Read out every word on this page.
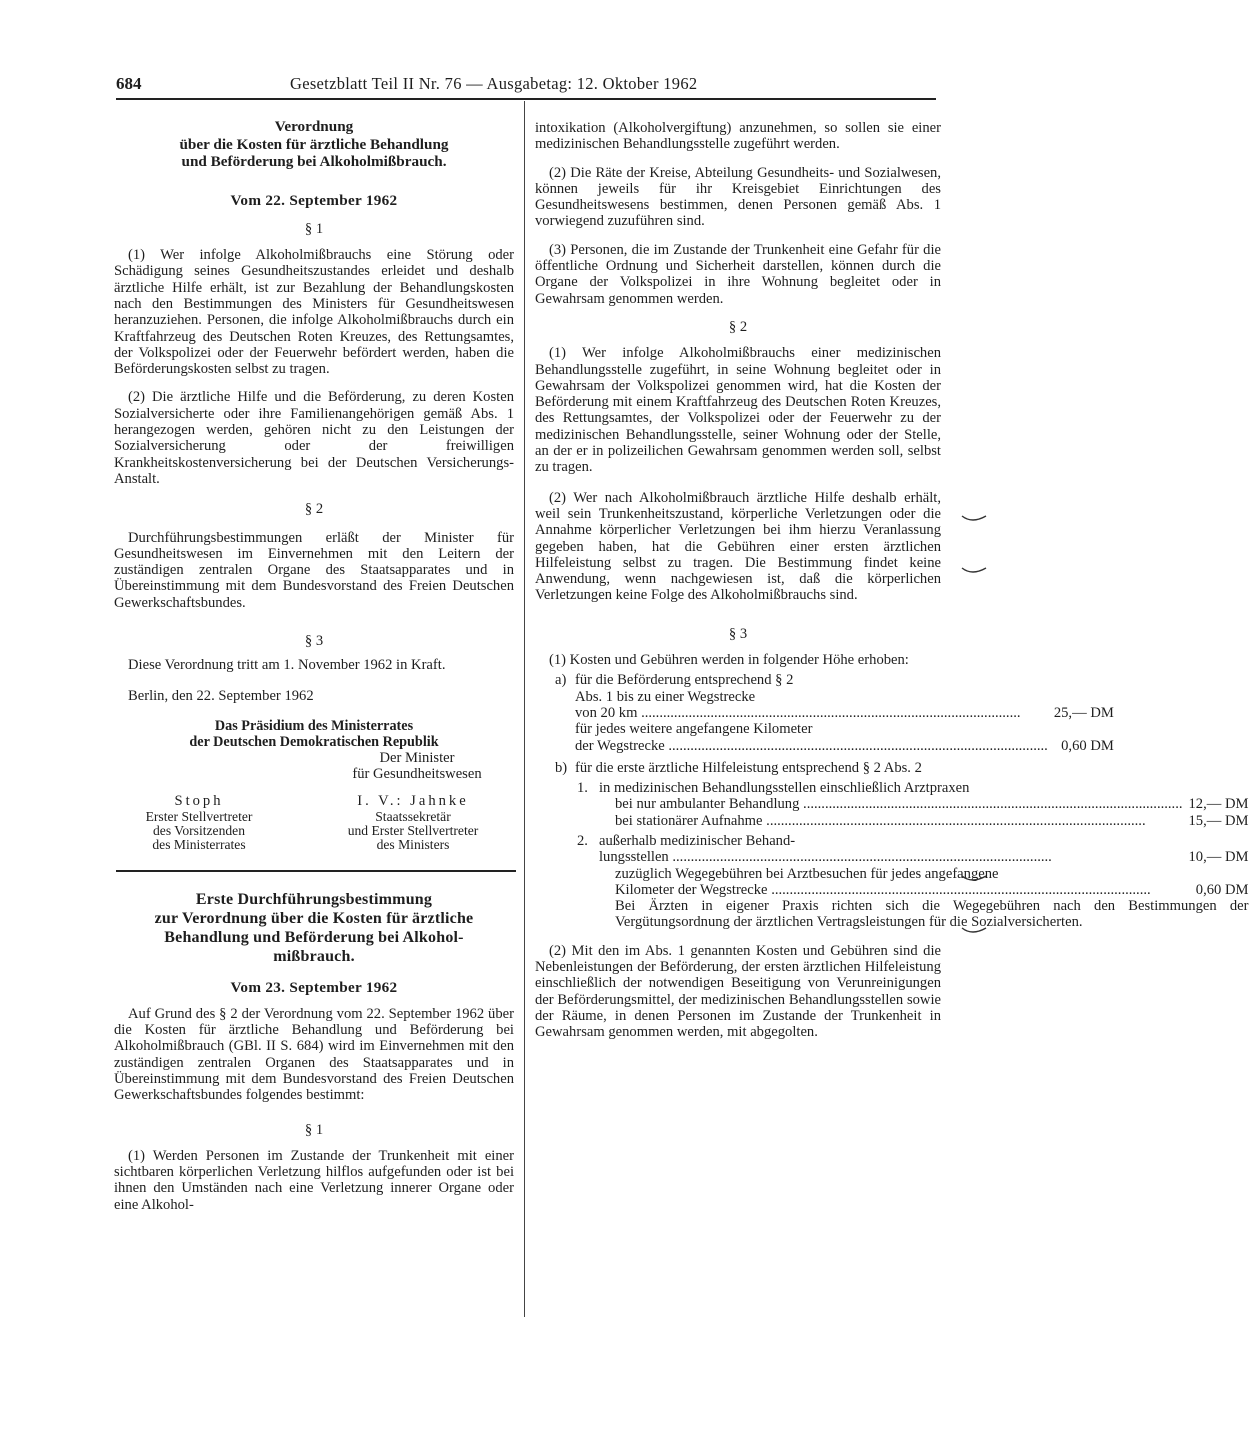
684	Gesetzblatt Teil II Nr. 76 — Ausgabetag: 12. Oktober 1962
Verordnung
über die Kosten für ärztliche Behandlung
und Beförderung bei Alkoholmißbrauch.
Vom 22. September 1962
§ 1

(1) Wer infolge Alkoholmißbrauchs eine Störung oder Schädigung seines Gesundheitszustandes erleidet und deshalb ärztliche Hilfe erhält, ist zur Bezahlung der Behandlungskosten nach den Bestimmungen des Ministers für Gesundheitswesen heranzuziehen. Personen, die infolge Alkoholmißbrauchs durch ein Kraftfahrzeug des Deutschen Roten Kreuzes, des Rettungsamtes, der Volkspolizei oder der Feuerwehr befördert werden, haben die Beförderungskosten selbst zu tragen.

(2) Die ärztliche Hilfe und die Beförderung, zu deren Kosten Sozialversicherte oder ihre Familienangehörigen gemäß Abs. 1 herangezogen werden, gehören nicht zu den Leistungen der Sozialversicherung oder der freiwilligen Krankheitskostenversicherung bei der Deutschen Versicherungs-Anstalt.

§ 2

Durchführungsbestimmungen erläßt der Minister für Gesundheitswesen im Einvernehmen mit den Leitern der zuständigen zentralen Organe des Staatsapparates und in Übereinstimmung mit dem Bundesvorstand des Freien Deutschen Gewerkschaftsbundes.

§ 3

Diese Verordnung tritt am 1. November 1962 in Kraft.

Berlin, den 22. September 1962

Das Präsidium des Ministerrates
der Deutschen Demokratischen Republik
Der Minister
für Gesundheitswesen
Stoph
Erster Stellvertreter
des Vorsitzenden
des Ministerrates
I. V.: Jahnke
Staatssekretär
und Erster Stellvertreter
des Ministers
Erste Durchführungsbestimmung
zur Verordnung über die Kosten für ärztliche
Behandlung und Beförderung bei Alkohol-
mißbrauch.
Vom 23. September 1962

Auf Grund des § 2 der Verordnung vom 22. September 1962 über die Kosten für ärztliche Behandlung und Beförderung bei Alkoholmißbrauch (GBl. II S. 684) wird im Einvernehmen mit den zuständigen zentralen Organen des Staatsapparates und in Übereinstimmung mit dem Bundesvorstand des Freien Deutschen Gewerkschaftsbundes folgendes bestimmt:

§ 1

(1) Werden Personen im Zustande der Trunkenheit mit einer sichtbaren körperlichen Verletzung hilflos aufgefunden oder ist bei ihnen den Umständen nach eine Verletzung innerer Organe oder eine Alkohol-

intoxikation (Alkoholvergiftung) anzunehmen, so sollen sie einer medizinischen Behandlungsstelle zugeführt werden.

(2) Die Räte der Kreise, Abteilung Gesundheits- und Sozialwesen, können jeweils für ihr Kreisgebiet Einrichtungen des Gesundheitswesens bestimmen, denen Personen gemäß Abs. 1 vorwiegend zuzuführen sind.

(3) Personen, die im Zustande der Trunkenheit eine Gefahr für die öffentliche Ordnung und Sicherheit darstellen, können durch die Organe der Volkspolizei in ihre Wohnung begleitet oder in Gewahrsam genommen werden.

§ 2

(1) Wer infolge Alkoholmißbrauchs einer medizinischen Behandlungsstelle zugeführt, in seine Wohnung begleitet oder in Gewahrsam der Volkspolizei genommen wird, hat die Kosten der Beförderung mit einem Kraftfahrzeug des Deutschen Roten Kreuzes, des Rettungsamtes, der Volkspolizei oder der Feuerwehr zu der medizinischen Behandlungsstelle, seiner Wohnung oder der Stelle, an der er in polizeilichen Gewahrsam genommen werden soll, selbst zu tragen.

(2) Wer nach Alkoholmißbrauch ärztliche Hilfe deshalb erhält, weil sein Trunkenheitszustand, körperliche Verletzungen oder die Annahme körperlicher Verletzungen bei ihm hierzu Veranlassung gegeben haben, hat die Gebühren einer ersten ärztlichen Hilfeleistung selbst zu tragen. Die Bestimmung findet keine Anwendung, wenn nachgewiesen ist, daß die körperlichen Verletzungen keine Folge des Alkoholmißbrauchs sind.

§ 3

(1) Kosten und Gebühren werden in folgender Höhe erhoben:

a) für die Beförderung entsprechend § 2
Abs. 1 bis zu einer Wegstrecke
von 20 km .....	25,— DM
für jedes weitere angefangene Kilometer
der Wegstrecke .....	0,60 DM
b) für die erste ärztliche Hilfeleistung entsprechend § 2 Abs. 2
1. in medizinischen Behandlungsstellen einschließlich Arztpraxen
bei nur ambulanter Behandlung .....	12,— DM
bei stationärer Aufnahme .....	15,— DM
2. außerhalb medizinischer Behand-
lungsstellen .....	10,— DM
zuzüglich Wegegebühren bei Arztbesuchen für jedes angefangene
Kilometer der Wegstrecke .....	0,60 DM
Bei Ärzten in eigener Praxis richten sich die Wegegebühren nach den Bestimmungen der Vergütungsordnung der ärztlichen Vertragsleistungen für die Sozialversicherten.

(2) Mit den im Abs. 1 genannten Kosten und Gebühren sind die Nebenleistungen der Beförderung, der ersten ärztlichen Hilfeleistung einschließlich der notwendigen Beseitigung von Verunreinigungen der Beförderungsmittel, der medizinischen Behandlungsstellen sowie der Räume, in denen Personen im Zustande der Trunkenheit in Gewahrsam genommen werden, mit abgegolten.
